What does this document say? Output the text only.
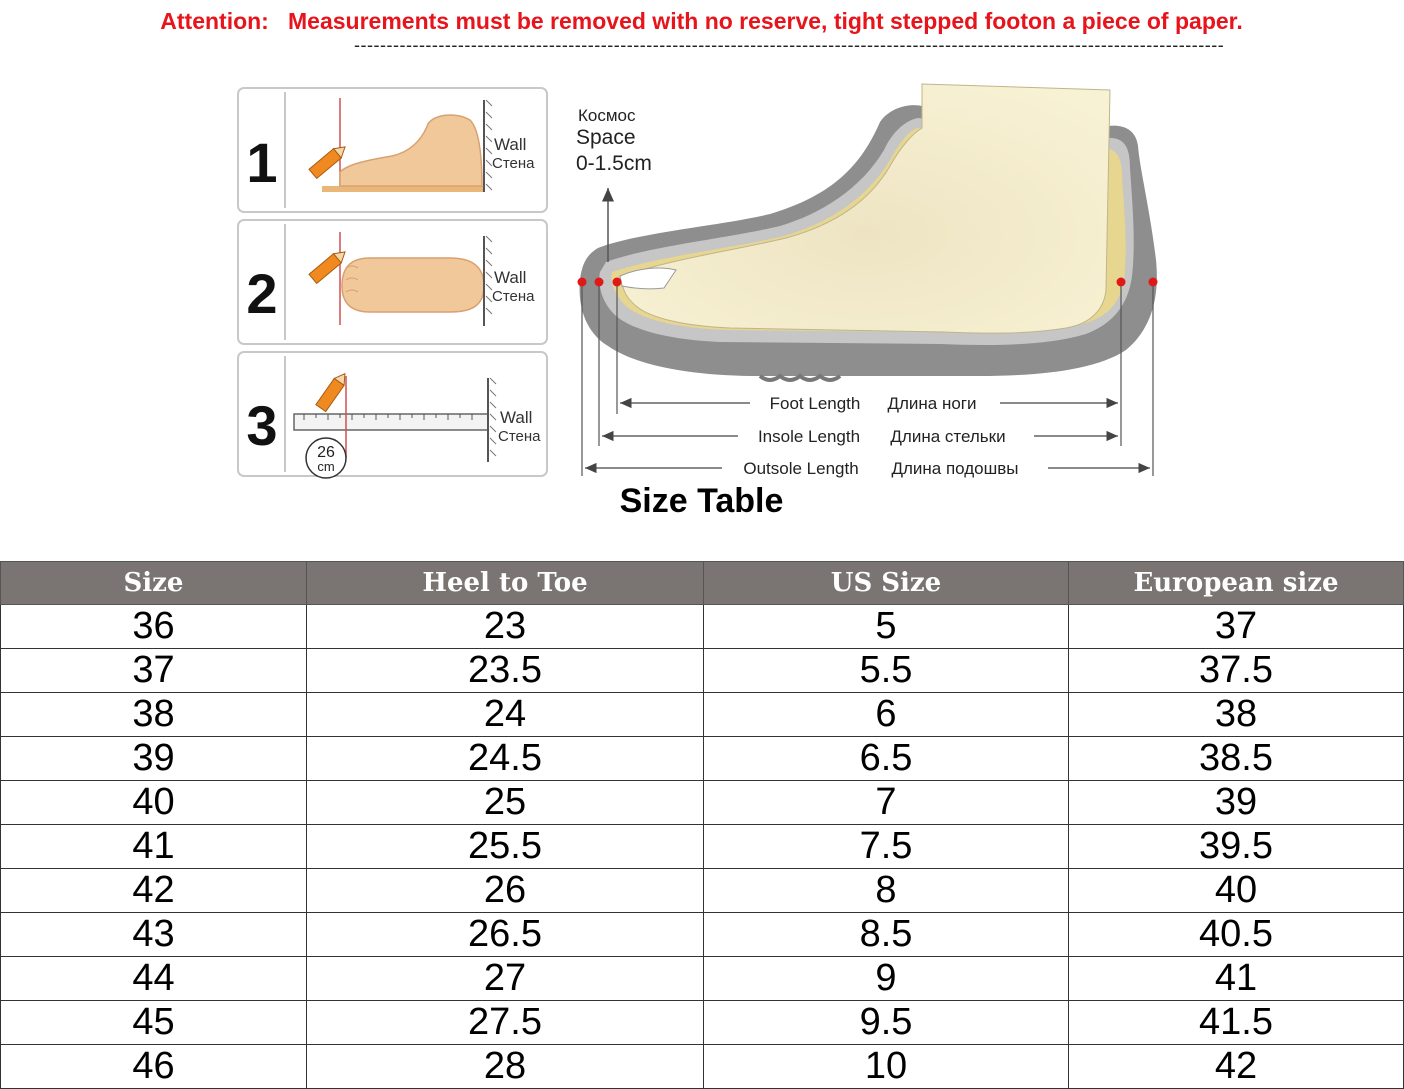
Attention: Measurements must be removed with no reserve, tight stepped footon a piece of paper.
--------------------------------------------------------------------------------------------------------------------------------------
1	Wall
Стена
2	Wall
Стена
3 26
cm
Wall
Стена
Космос
Space
0-1.5cm
Foot Length Длина ноги
Insole Length Длина стельки
Outsole Length Длина подошвы
Size Table
Size	Heel to Toe	US Size	European size
36	23	5	37
37	23.5	5.5	37.5
38	24	6	38
39	24.5	6.5	38.5
40	25	7	39
41	25.5	7.5	39.5
42	26	8	40
43	26.5	8.5	40.5
44	27	9	41
45	27.5	9.5	41.5
46	28	10	42
